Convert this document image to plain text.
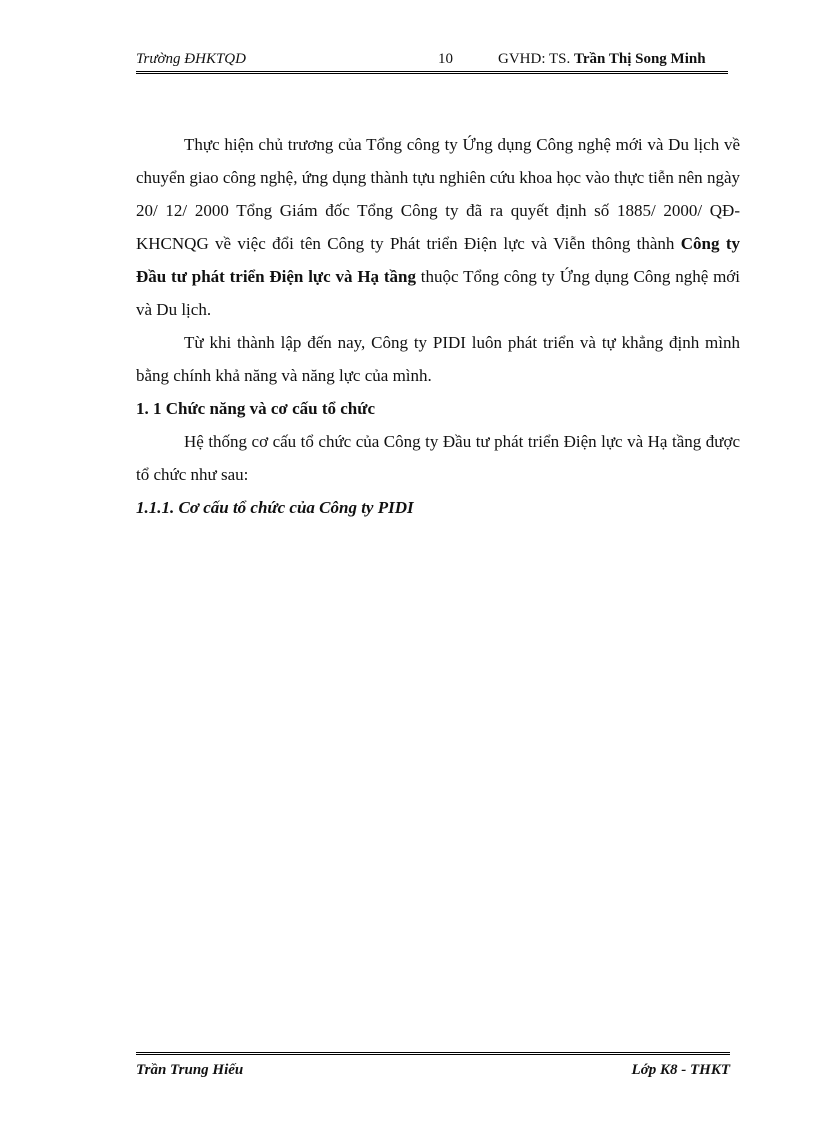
Trường ĐHKTQD	10	GVHD: TS. Trần Thị Song Minh

Thực hiện chủ trương của Tổng công ty Ứng dụng Công nghệ mới và Du lịch về chuyển giao công nghệ, ứng dụng thành tựu nghiên cứu khoa học vào thực tiễn nên ngày 20/ 12/ 2000 Tổng Giám đốc Tổng Công ty đã ra quyết định số 1885/ 2000/ QĐ-KHCNQG về việc đổi tên Công ty Phát triển Điện lực và Viễn thông thành Công ty Đầu tư phát triển Điện lực và Hạ tầng thuộc Tổng công ty Ứng dụng Công nghệ mới và Du lịch.

Từ khi thành lập đến nay, Công ty PIDI luôn phát triển và tự khẳng định mình bằng chính khả năng và năng lực của mình.

1. 1 Chức năng và cơ cấu tổ chức

Hệ thống cơ cấu tổ chức của Công ty Đầu tư phát triển Điện lực và Hạ tầng được tổ chức như sau:

1.1.1. Cơ cấu tổ chức của Công ty PIDI

Trần Trung Hiếu	Lớp K8 - THKT
